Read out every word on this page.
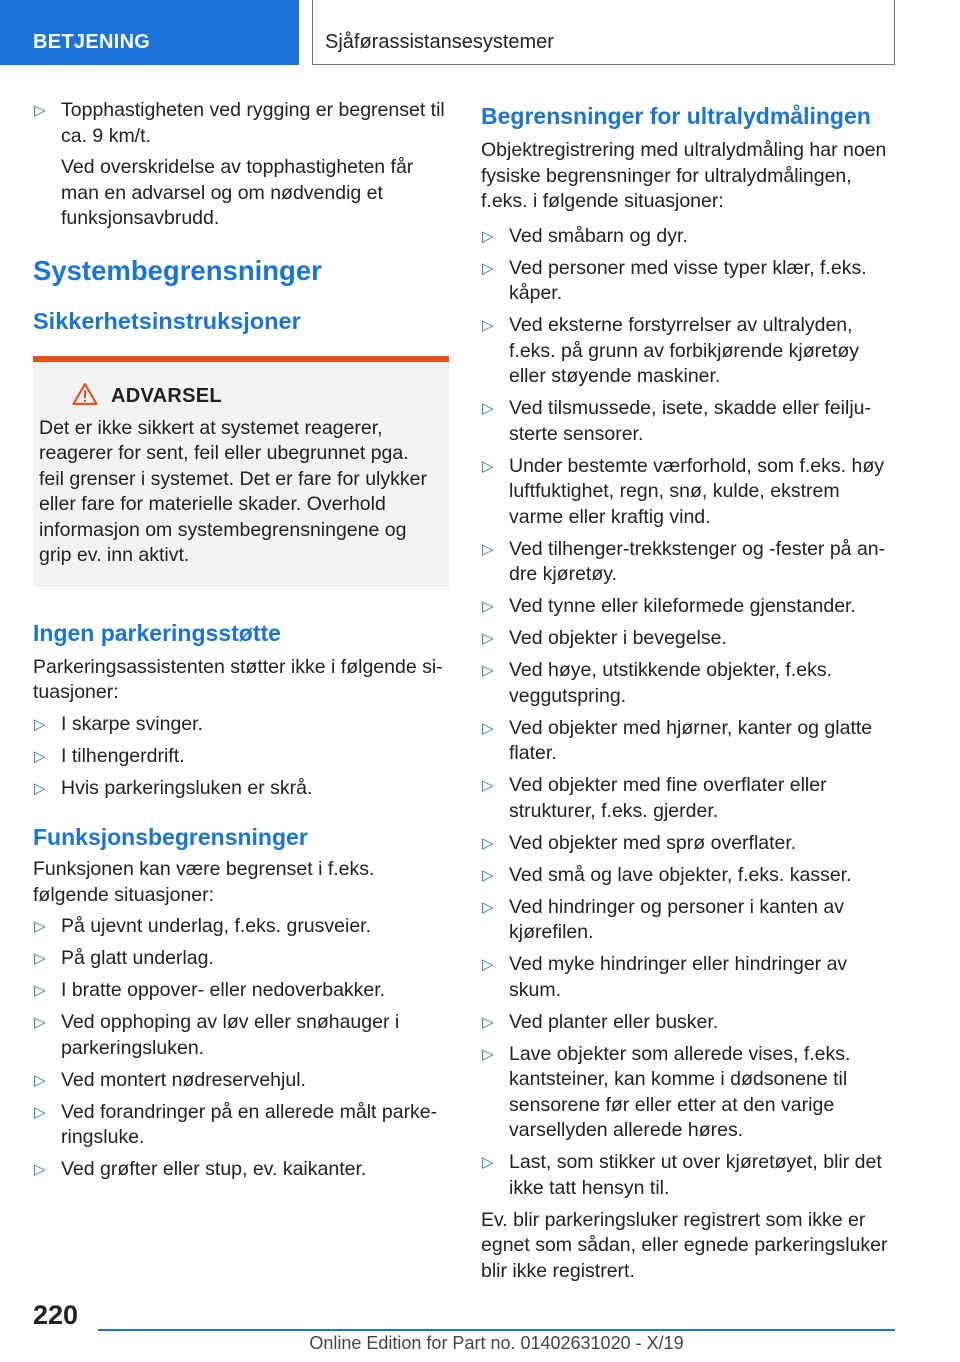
BETJENING	Sjåførassistansesystemer
▷ Topphastigheten ved rygging er begrenset til ca. 9 km/t.

Ved overskridelse av topphastigheten får man en advarsel og om nødvendig et funksjonsavbrudd.

Systembegrensninger
Sikkerhetsinstruksjoner
ADVARSEL
Det er ikke sikkert at systemet reagerer, reagerer for sent, feil eller ubegrunnet pga. feil grenser i systemet. Det er fare for ulykker eller fare for materielle skader. Overhold informasjon om systembegrensningene og grip ev. inn aktivt.
Ingen parkeringsstøtte
Parkeringsassistenten støtter ikke i følgende situasjoner:
▷ I skarpe svinger.

▷ I tilhengerdrift.

▷ Hvis parkeringsluken er skrå.

Funksjonsbegrensninger
Funksjonen kan være begrenset i f.eks. følgende situasjoner:
▷ På ujevnt underlag, f.eks. grusveier.

▷ På glatt underlag.

▷ I bratte oppover- eller nedoverbakker.

▷ Ved opphoping av løv eller snøhauger i parkeringsluken.

▷ Ved montert nødreservehjul.

▷ Ved forandringer på en allerede målt parkeringsluke.

▷ Ved grøfter eller stup, ev. kaikanter.

Begrensninger for ultralydmålingen
Objektregistrering med ultralydmåling har noen fysiske begrensninger for ultralydmålingen, f.eks. i følgende situasjoner:
▷ Ved småbarn og dyr.

▷ Ved personer med visse typer klær, f.eks. kåper.

▷ Ved eksterne forstyrrelser av ultralyden, f.eks. på grunn av forbikjørende kjøretøy eller støyende maskiner.

▷ Ved tilsmussede, isete, skadde eller feiljusterte sensorer.

▷ Under bestemte værforhold, som f.eks. høy luftfuktighet, regn, snø, kulde, ekstrem varme eller kraftig vind.

▷ Ved tilhenger-trekkstenger og -fester på andre kjøretøy.

▷ Ved tynne eller kileformede gjenstander.

▷ Ved objekter i bevegelse.

▷ Ved høye, utstikkende objekter, f.eks. veggutspring.

▷ Ved objekter med hjørner, kanter og glatte flater.

▷ Ved objekter med fine overflater eller strukturer, f.eks. gjerder.

▷ Ved objekter med sprø overflater.

▷ Ved små og lave objekter, f.eks. kasser.

▷ Ved hindringer og personer i kanten av kjørefilen.

▷ Ved myke hindringer eller hindringer av skum.

▷ Ved planter eller busker.

▷ Lave objekter som allerede vises, f.eks. kantsteiner, kan komme i dødsonene til sensorene før eller etter at den varige varsellyden allerede høres.

▷ Last, som stikker ut over kjøretøyet, blir det ikke tatt hensyn til.

Ev. blir parkeringsluker registrert som ikke er egnet som sådan, eller egnede parkeringsluker blir ikke registrert.
220
Online Edition for Part no. 01402631020 - X/19
